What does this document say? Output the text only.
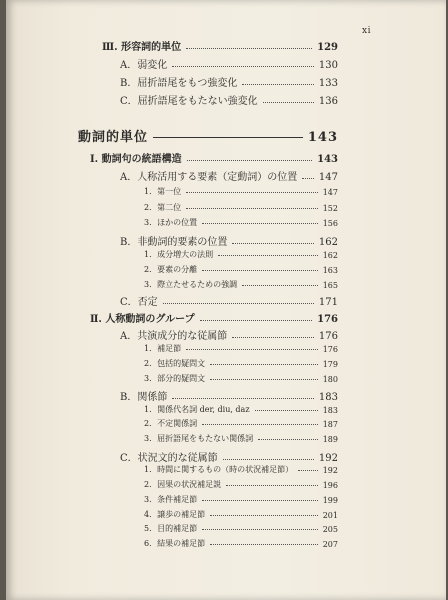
xi
Ⅲ. 形容詞的単位	129
A．弱変化	130
B．屈折語尾をもつ強変化	133
C．屈折語尾をもたない強変化	136
動詞的単位	143
Ⅰ. 動詞句の統語構造	143
A．人称活用する要素（定動詞）の位置 147
1．第一位	147
2．第二位	152
3．ほかの位置	156
B．非動詞的要素の位置	162
1．成分増大の法則	162
2．要素の分離	163
3．際立たせるための強調	165
C．否定	171
Ⅱ. 人称動詞のグループ	176
A．共演成分的な従属節	176
1．補足節	176
2．包括的疑問文	179
3．部分的疑問文	180
B．関係節	183
1．関係代名詞 der, diu, daz	183
2．不定関係詞	187
3．屈折語尾をもたない関係詞	189
C．状況文的な従属節	192
1．時間に関するもの（時の状況補足節）	192
2．因果の状況補足説	196
3．条件補足節	199
4．譲歩の補足節	201
5．目的補足節	205
6．結果の補足節	207
